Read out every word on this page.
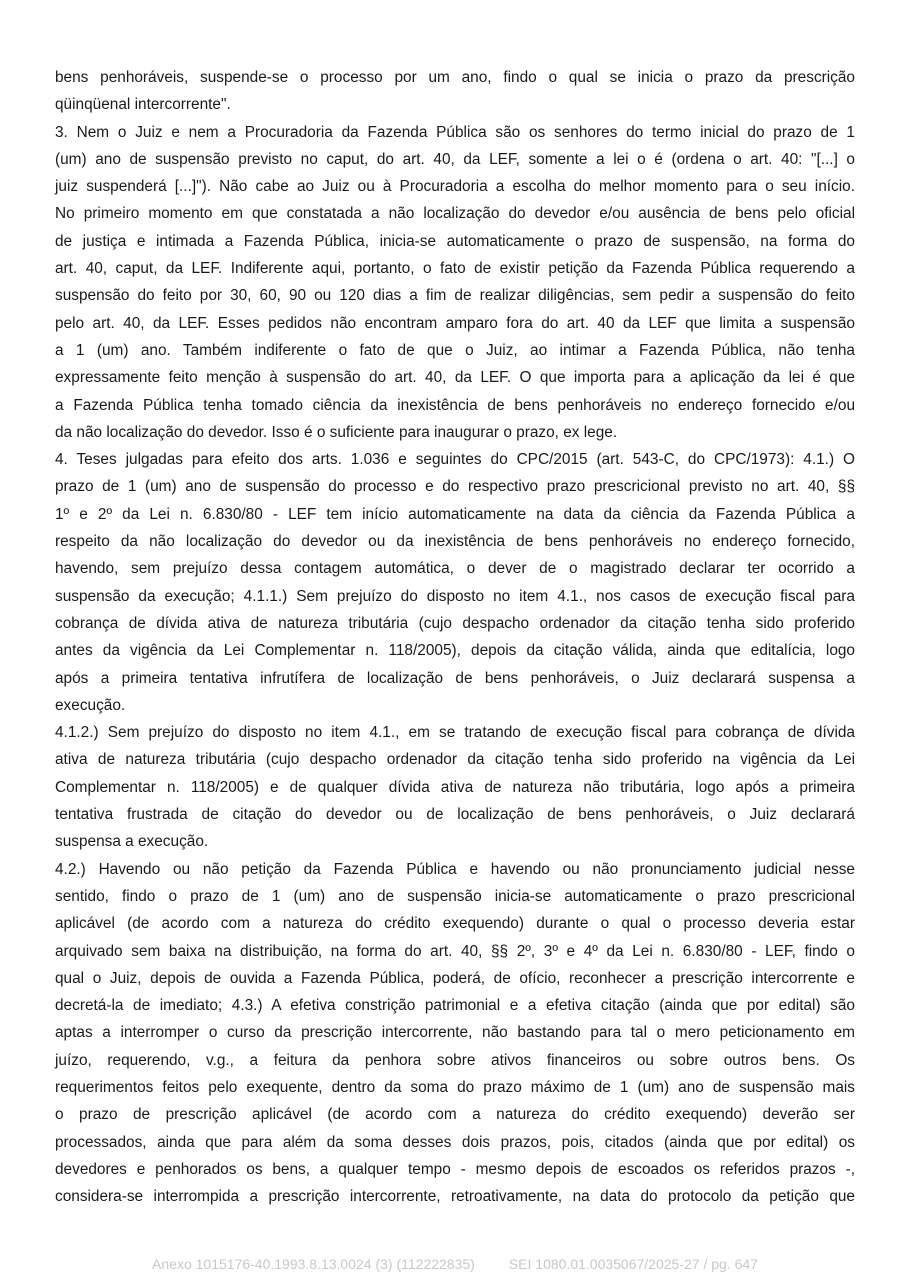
bens penhoráveis, suspende-se o processo por um ano, findo o qual se inicia o prazo da prescrição
qüinqüenal intercorrente".
3. Nem o Juiz e nem a Procuradoria da Fazenda Pública são os senhores do termo inicial do prazo de 1
(um) ano de suspensão previsto no caput, do art. 40, da LEF, somente a lei o é (ordena o art. 40: "[...] o
juiz suspenderá [...]"). Não cabe ao Juiz ou à Procuradoria a escolha do melhor momento para o seu início.
No primeiro momento em que constatada a não localização do devedor e/ou ausência de bens pelo oficial
de justiça e intimada a Fazenda Pública, inicia-se automaticamente o prazo de suspensão, na forma do
art. 40, caput, da LEF. Indiferente aqui, portanto, o fato de existir petição da Fazenda Pública requerendo a
suspensão do feito por 30, 60, 90 ou 120 dias a fim de realizar diligências, sem pedir a suspensão do feito
pelo art. 40, da LEF. Esses pedidos não encontram amparo fora do art. 40 da LEF que limita a suspensão
a 1 (um) ano. Também indiferente o fato de que o Juiz, ao intimar a Fazenda Pública, não tenha
expressamente feito menção à suspensão do art. 40, da LEF. O que importa para a aplicação da lei é que
a Fazenda Pública tenha tomado ciência da inexistência de bens penhoráveis no endereço fornecido e/ou
da não localização do devedor. Isso é o suficiente para inaugurar o prazo, ex lege.
4. Teses julgadas para efeito dos arts. 1.036 e seguintes do CPC/2015 (art. 543-C, do CPC/1973): 4.1.) O
prazo de 1 (um) ano de suspensão do processo e do respectivo prazo prescricional previsto no art. 40, §§
1º e 2º da Lei n. 6.830/80 - LEF tem início automaticamente na data da ciência da Fazenda Pública a
respeito da não localização do devedor ou da inexistência de bens penhoráveis no endereço fornecido,
havendo, sem prejuízo dessa contagem automática, o dever de o magistrado declarar ter ocorrido a
suspensão da execução; 4.1.1.) Sem prejuízo do disposto no item 4.1., nos casos de execução fiscal para
cobrança de dívida ativa de natureza tributária (cujo despacho ordenador da citação tenha sido proferido
antes da vigência da Lei Complementar n. 118/2005), depois da citação válida, ainda que editalícia, logo
após a primeira tentativa infrutífera de localização de bens penhoráveis, o Juiz declarará suspensa a
execução.
4.1.2.) Sem prejuízo do disposto no item 4.1., em se tratando de execução fiscal para cobrança de dívida
ativa de natureza tributária (cujo despacho ordenador da citação tenha sido proferido na vigência da Lei
Complementar n. 118/2005) e de qualquer dívida ativa de natureza não tributária, logo após a primeira
tentativa frustrada de citação do devedor ou de localização de bens penhoráveis, o Juiz declarará
suspensa a execução.
4.2.) Havendo ou não petição da Fazenda Pública e havendo ou não pronunciamento judicial nesse
sentido, findo o prazo de 1 (um) ano de suspensão inicia-se automaticamente o prazo prescricional
aplicável (de acordo com a natureza do crédito exequendo) durante o qual o processo deveria estar
arquivado sem baixa na distribuição, na forma do art. 40, §§ 2º, 3º e 4º da Lei n. 6.830/80 - LEF, findo o
qual o Juiz, depois de ouvida a Fazenda Pública, poderá, de ofício, reconhecer a prescrição intercorrente e
decretá-la de imediato; 4.3.) A efetiva constrição patrimonial e a efetiva citação (ainda que por edital) são
aptas a interromper o curso da prescrição intercorrente, não bastando para tal o mero peticionamento em
juízo, requerendo, v.g., a feitura da penhora sobre ativos financeiros ou sobre outros bens. Os
requerimentos feitos pelo exequente, dentro da soma do prazo máximo de 1 (um) ano de suspensão mais
o prazo de prescrição aplicável (de acordo com a natureza do crédito exequendo) deverão ser
processados, ainda que para além da soma desses dois prazos, pois, citados (ainda que por edital) os
devedores e penhorados os bens, a qualquer tempo - mesmo depois de escoados os referidos prazos -,
considera-se interrompida a prescrição intercorrente, retroativamente, na data do protocolo da petição que
Anexo 1015176-40.1993.8.13.0024 (3) (112222835) SEI 1080.01.0035067/2025-27 / pg. 647
